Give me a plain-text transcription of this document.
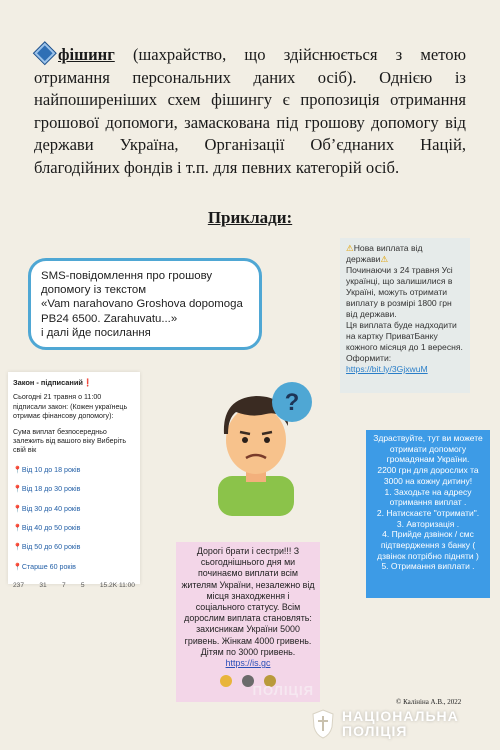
фішинг (шахрайство, що здійснюється з метою отримання персональних даних осіб). Однією із найпоширеніших схем фішингу є пропозиція отримання грошової допомоги, замаскована під грошову допомогу від держави Україна, Організації Об’єднаних Націй, благодійних фондів і т.п. для певних категорій осіб.
Приклади:
SMS-повідомлення про грошову допомогу із текстом
«Vam narahovano Groshova dopomoga PB24 6500. Zarahuvatu...»
і далі йде посилання
⚠Нова виплата від держави⚠
Починаючи з 24 травня Усі українці, що залишилися в Україні, можуть отримати виплату в розмірі 1800 грн від держави.
Ця виплата буде надходити на картку ПриватБанку кожного місяця до 1 вересня.
Оформити:
https://bit.ly/3GjxwuM
Закон - підписаний❗
Сьогодні 21 травня о 11:00 підписали закон: (Кожен українець отримає фінансову допомогу):
Сума виплат безпосередньо залежить від вашого віку Виберіть свій вік
📍Від 10 до 18 років
📍Від 18 до 30 років
📍Від 30 до 40 років
📍Від 40 до 50 років
📍Від 50 до 60 років
📍Старше 60 років
237 31 7 5 15.2K 11:00
Здраствуйте, тут ви можете отримати допомогу громадянам України.
2200 грн для дорослих та 3000 на кожну дитину!
1. Заходьте на адресу отримання виплат .
2. Натискаєте "отримати".
3. Авторизація .
4. Прийде дзвінок / смс підтвердження з банку ( дзвінок потрібно підняти )
5. Отримання виплати .
Дорогі брати і сестри!!! З сьогоднішнього дня ми починаємо виплати всім жителям України, незалежно від місця знаходження і соціального статусу. Всім дорослим виплата становлять: захисникам України 5000 гривень. Жінкам 4000 гривень. Дітям по 3000 гривень.
https://is.gc
ПОЛІЦІЯ
?
© Калініна А.В., 2022
НАЦІОНАЛЬНА
ПОЛІЦІЯ
